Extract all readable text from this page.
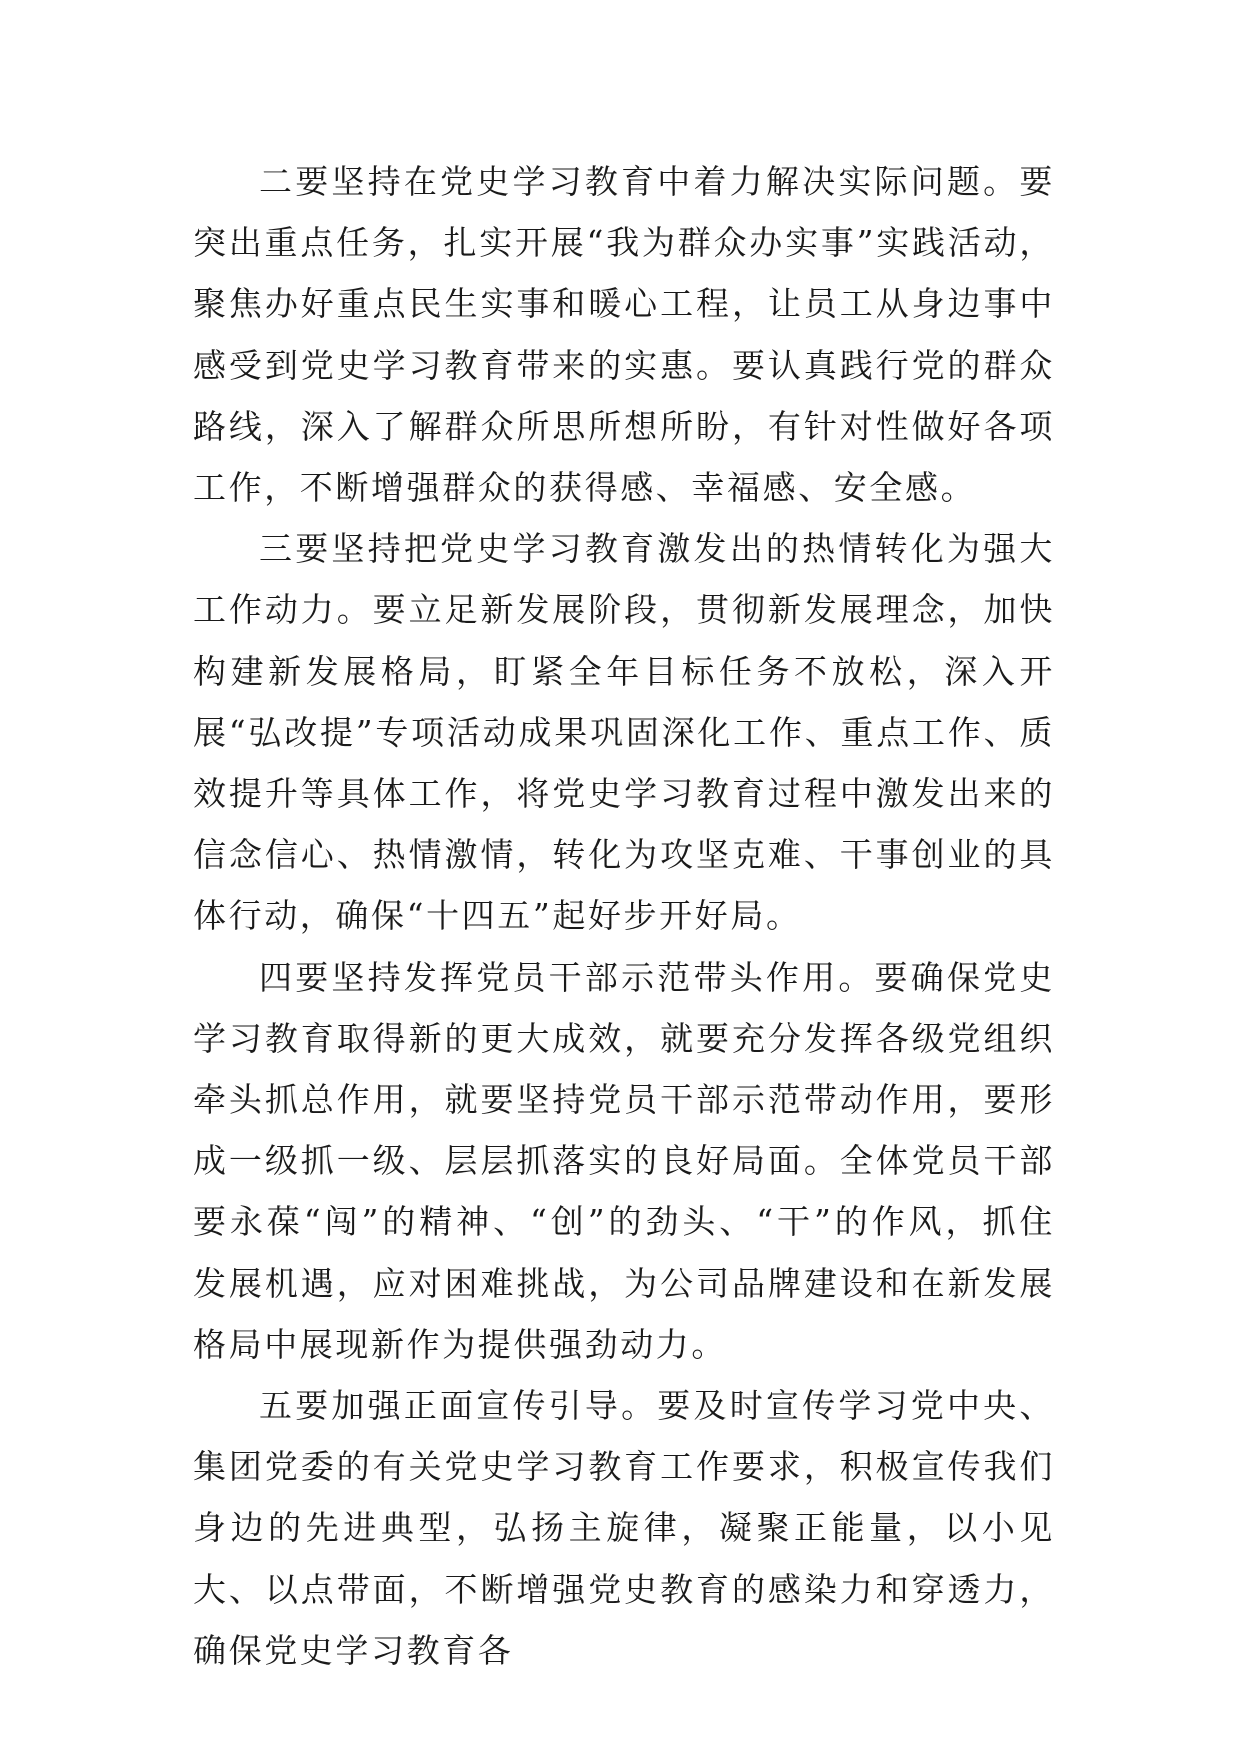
二要坚持在党史学习教育中着力解决实际问题。要突出重点任务，扎实开展“我为群众办实事”实践活动，聚焦办好重点民生实事和暖心工程，让员工从身边事中感受到党史学习教育带来的实惠。要认真践行党的群众路线，深入了解群众所思所想所盼，有针对性做好各项工作，不断增强群众的获得感、幸福感、安全感。

三要坚持把党史学习教育激发出的热情转化为强大工作动力。要立足新发展阶段，贯彻新发展理念，加快构建新发展格局，盯紧全年目标任务不放松，深入开展“弘改提”专项活动成果巩固深化工作、重点工作、质效提升等具体工作，将党史学习教育过程中激发出来的信念信心、热情激情，转化为攻坚克难、干事创业的具体行动，确保“十四五”起好步开好局。

四要坚持发挥党员干部示范带头作用。要确保党史学习教育取得新的更大成效，就要充分发挥各级党组织牵头抓总作用，就要坚持党员干部示范带动作用，要形成一级抓一级、层层抓落实的良好局面。全体党员干部要永葆“闯”的精神、“创”的劲头、“干”的作风，抓住发展机遇，应对困难挑战，为公司品牌建设和在新发展格局中展现新作为提供强劲动力。

五要加强正面宣传引导。要及时宣传学习党中央、集团党委的有关党史学习教育工作要求，积极宣传我们身边的先进典型，弘扬主旋律，凝聚正能量，以小见大、以点带面，不断增强党史教育的感染力和穿透力，确保党史学习教育各
